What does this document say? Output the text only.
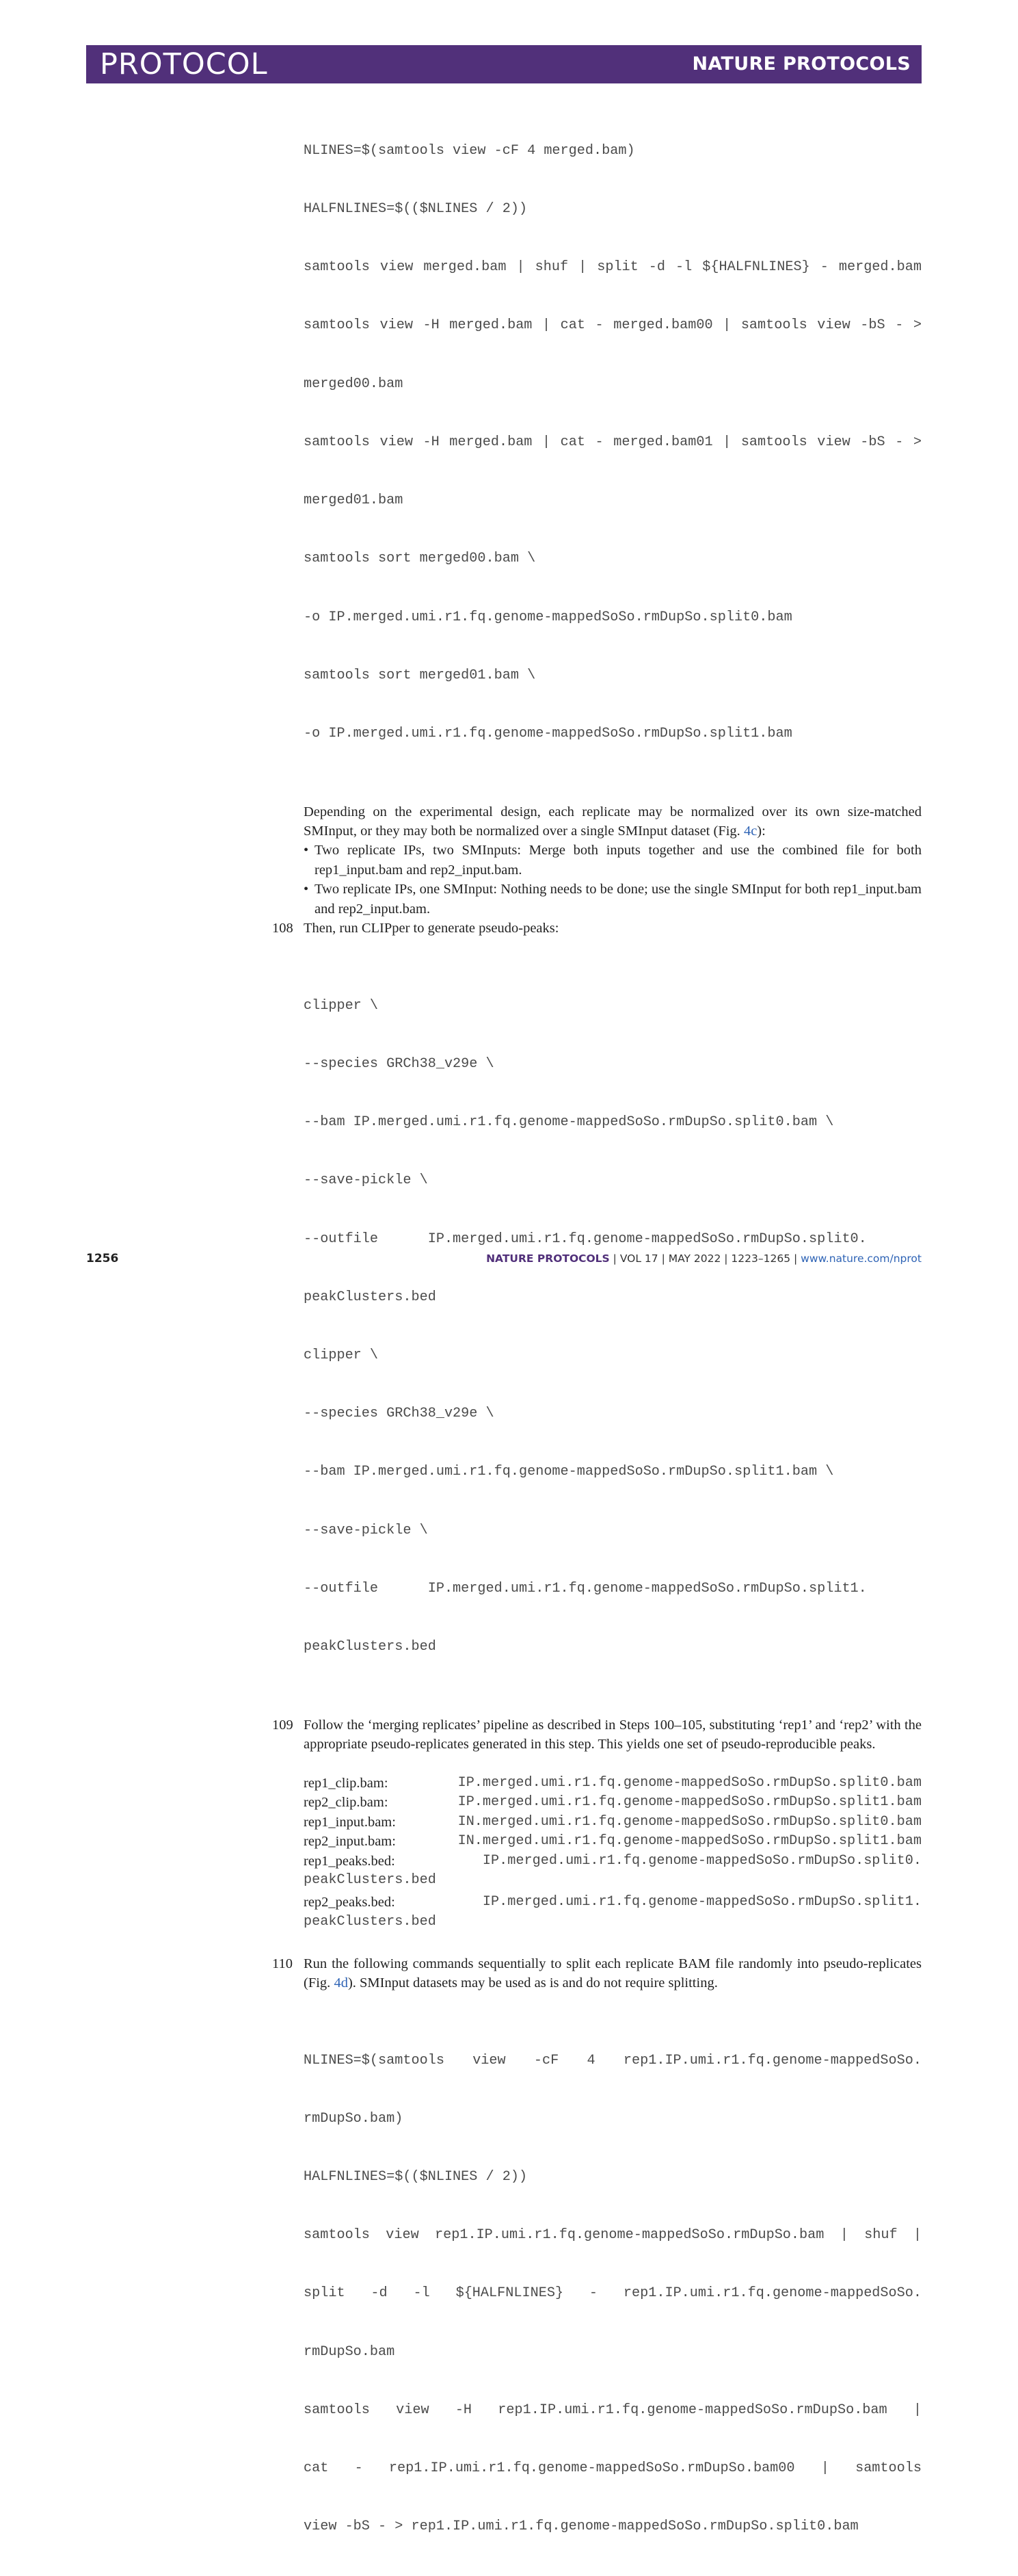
PROTOCOL	NATURE PROTOCOLS

NLINES=$(samtools view -cF 4 merged.bam)

HALFNLINES=$(($NLINES / 2))

samtools view merged.bam | shuf | split -d -l ${HALFNLINES} - merged.bam

samtools view -H merged.bam | cat - merged.bam00 | samtools view -bS - >

merged00.bam

samtools view -H merged.bam | cat - merged.bam01 | samtools view -bS - >

merged01.bam

samtools sort merged00.bam \

-o IP.merged.umi.r1.fq.genome-mappedSoSo.rmDupSo.split0.bam

samtools sort merged01.bam \

-o IP.merged.umi.r1.fq.genome-mappedSoSo.rmDupSo.split1.bam

Depending on the experimental design, each replicate may be normalized over its own size-matched SMInput, or they may both be normalized over a single SMInput dataset (Fig. 4c):

• Two replicate IPs, two SMInputs: Merge both inputs together and use the combined file for both rep1_input.bam and rep2_input.bam.
• Two replicate IPs, one SMInput: Nothing needs to be done; use the single SMInput for both rep1_input.bam and rep2_input.bam.
108 Then, run CLIPper to generate pseudo-peaks:

clipper \

--species GRCh38_v29e \

--bam IP.merged.umi.r1.fq.genome-mappedSoSo.rmDupSo.split0.bam \

--save-pickle \

--outfile      IP.merged.umi.r1.fq.genome-mappedSoSo.rmDupSo.split0.

peakClusters.bed

clipper \

--species GRCh38_v29e \

--bam IP.merged.umi.r1.fq.genome-mappedSoSo.rmDupSo.split1.bam \

--save-pickle \

--outfile      IP.merged.umi.r1.fq.genome-mappedSoSo.rmDupSo.split1.

peakClusters.bed

109 Follow the ‘merging replicates’ pipeline as described in Steps 100–105, substituting ‘rep1’ and ‘rep2’ with the appropriate pseudo-replicates generated in this step. This yields one set of pseudo-reproducible peaks.

rep1_clip.bam:	IP.merged.umi.r1.fq.genome-mappedSoSo.rmDupSo.split0.bam
rep2_clip.bam:	IP.merged.umi.r1.fq.genome-mappedSoSo.rmDupSo.split1.bam
rep1_input.bam:	IN.merged.umi.r1.fq.genome-mappedSoSo.rmDupSo.split0.bam
rep2_input.bam:	IN.merged.umi.r1.fq.genome-mappedSoSo.rmDupSo.split1.bam
rep1_peaks.bed:	IP.merged.umi.r1.fq.genome-mappedSoSo.rmDupSo.split0.
peakClusters.bed
rep2_peaks.bed:	IP.merged.umi.r1.fq.genome-mappedSoSo.rmDupSo.split1.
peakClusters.bed
110 Run the following commands sequentially to split each replicate BAM file randomly into pseudo-replicates (Fig. 4d). SMInput datasets may be used as is and do not require splitting.

NLINES=$(samtools view -cF 4 rep1.IP.umi.r1.fq.genome-mappedSoSo.

rmDupSo.bam)

HALFNLINES=$(($NLINES / 2))

samtools view rep1.IP.umi.r1.fq.genome-mappedSoSo.rmDupSo.bam | shuf |

split -d -l ${HALFNLINES} - rep1.IP.umi.r1.fq.genome-mappedSoSo.

rmDupSo.bam

samtools view -H rep1.IP.umi.r1.fq.genome-mappedSoSo.rmDupSo.bam |

cat - rep1.IP.umi.r1.fq.genome-mappedSoSo.rmDupSo.bam00 | samtools

view -bS - > rep1.IP.umi.r1.fq.genome-mappedSoSo.rmDupSo.split0.bam

1256	NATURE PROTOCOLS | VOL 17 | MAY 2022 | 1223–1265 | www.nature.com/nprot
